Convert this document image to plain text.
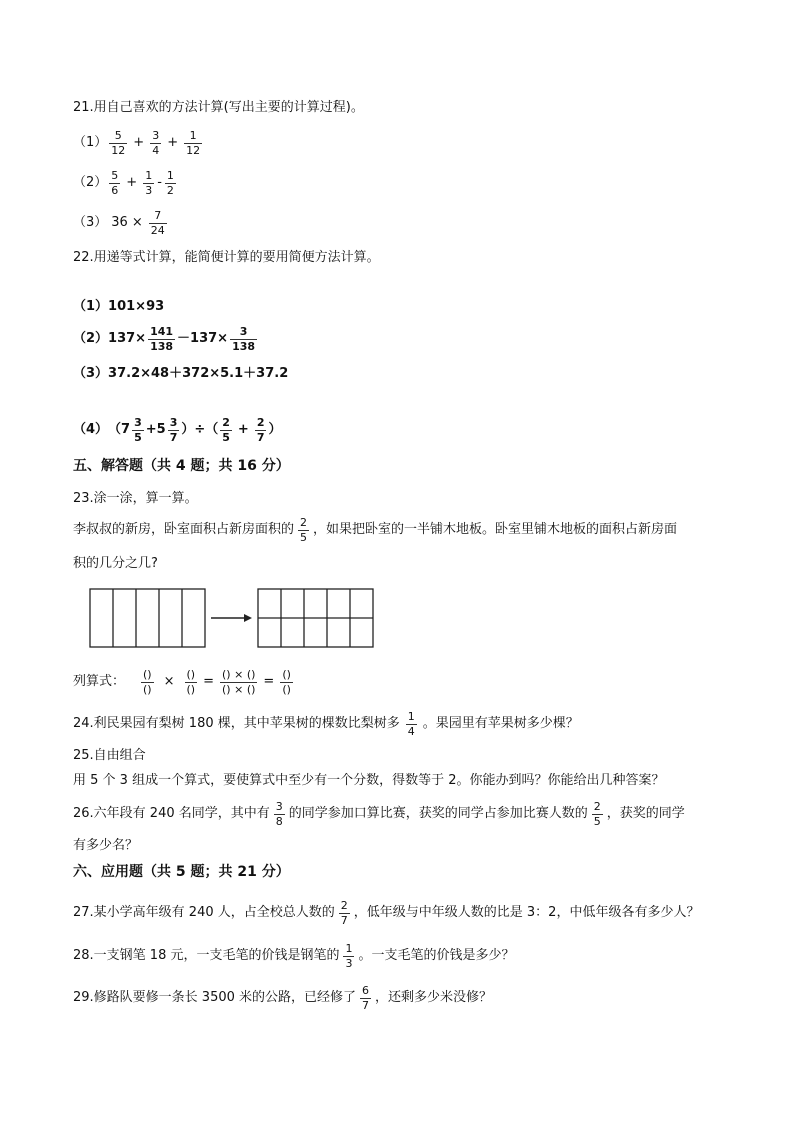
21.用自己喜欢的方法计算(写出主要的计算过程)。
$(1) \frac{5}{12} + \frac{3}{4} + \frac{1}{12}$
$(2) \frac{5}{6} + \frac{1}{3} - \frac{1}{2}$
（3） $36 \times \frac{7}{24}$
22.用递等式计算，能简便计算的要用简便方法计算。
（1）101×93
（2） $137\times \frac{141}{138} -137\times \frac{3}{138}$
（3）37.2×48＋372×5.1＋37.2
（4） （$7 \frac{3}{5} +5 \frac{3}{7}$ ）÷（ $\frac{2}{5} + \frac{2}{7}$ ）
五、解答题（共 4 题；共 16 分）
23.涂一涂，算一算。
李叔叔的新房，卧室面积占新房面积的 $\frac{2}{5}$ ，如果把卧室的一半铺木地板。卧室里铺木地板的面积占新房面
积的几分之几?
列算式： $\frac{()}{()} \times \frac{()}{()} = \frac{() \times ()}{() \times ()} = \frac{()}{()}$
24.利民果园有梨树 180 棵，其中苹果树的棵数比梨树多 $\frac{1}{4}$ 。果园里有苹果树多少棵？
25.自由组合
用 5 个 3 组成一个算式，要使算式中至少有一个分数，得数等于 2。你能办到吗？你能给出几种答案？
26.六年段有 240 名同学，其中有 $\frac{3}{8}$ 的同学参加口算比赛，获奖的同学占参加比赛人数的 $\frac{2}{5}$ ，获奖的同学
有多少名？
六、应用题（共 5 题；共 21 分）
27.某小学高年级有 240 人，占全校总人数的 $\frac{2}{7}$ ，低年级与中年级人数的比是 3：2，中低年级各有多少人？
28.一支钢笔 18 元，一支毛笔的价钱是钢笔的 $\frac{1}{3}$ 。一支毛笔的价钱是多少？
29.修路队要修一条长 3500 米的公路，已经修了 $\frac{6}{7}$ ，还剩多少米没修？
